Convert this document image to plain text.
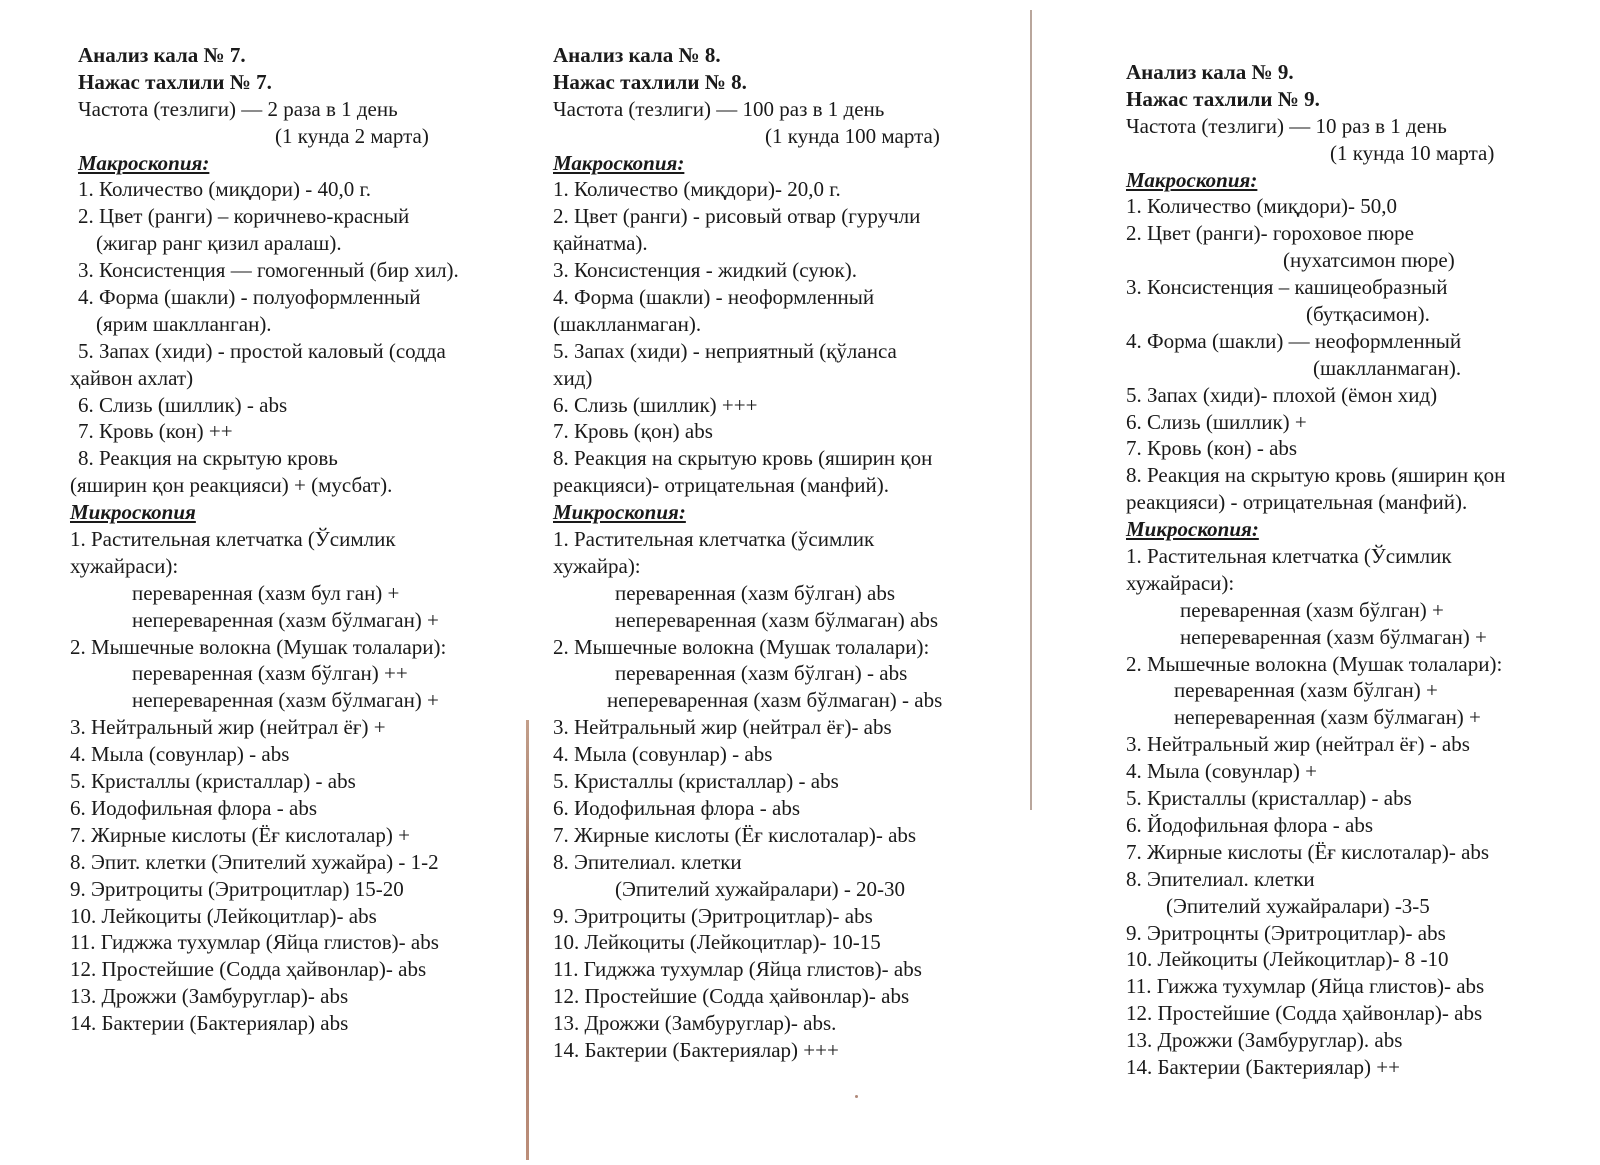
Анализ кала № 7.
Нажас тахлили № 7.
Частота (тезлиги) — 2 раза в 1 день
(1 кунда 2 марта)
Макроскопия:
1. Количество (миқдори) - 40,0 г.
2. Цвет (ранги) – коричнево-красный
(жигар ранг қизил аралаш).
3. Консистенция — гомогенный (бир хил).
4. Форма (шакли) - полуоформленный
(ярим шаклланган).
5. Запах (хиди) - простой каловый (содда
ҳайвон ахлат)
6. Слизь (шиллик) - abs
7. Кровь (кон) ++
8. Реакция на скрытую кровь
(яширин қон реакцияси) + (мусбат).
Микроскопия
1. Растительная клетчатка (Ўсимлик
хужайраси):
переваренная (хазм бул ган) +
непереваренная (хазм бўлмаган) +
2. Мышечные волокна (Мушак толалари):
переваренная (хазм бўлган) ++
непереваренная (хазм бўлмаган) +
3. Нейтральный жир (нейтрал ёғ) +
4. Мыла (совунлар) - abs
5. Кристаллы (кристаллар) - abs
6. Иодофильная флора - abs
7. Жирные кислоты (Ёғ кислоталар) +
8. Эпит. клетки (Эпителий хужайра) - 1-2
9. Эритроциты (Эритроцитлар) 15-20
10. Лейкоциты (Лейкоцитлар)- abs
11. Гиджжа тухумлар (Яйца глистов)- abs
12. Простейшие (Содда ҳайвонлар)- abs
13. Дрожжи (Замбуруглар)- abs
14. Бактерии (Бактериялар) abs
Анализ кала № 8.
Нажас тахлили № 8.
Частота (тезлиги) — 100 раз в 1 день
(1 кунда 100 марта)
Макроскопия:
1. Количество (миқдори)- 20,0 г.
2. Цвет (ранги) - рисовый отвар (гуручли
қайнатма).
3. Консистенция - жидкий (суюк).
4. Форма (шакли) - неоформленный
(шаклланмаган).
5. Запах (хиди) - неприятный (қўланса
хид)
6. Слизь (шиллик) +++
7. Кровь (қон) abs
8. Реакция на скрытую кровь (яширин қон
реакцияси)- отрицательная (манфий).
Микроскопия:
1. Растительная клетчатка (ўсимлик
хужайра):
переваренная (хазм бўлган) abs
непереваренная (хазм бўлмаган) abs
2. Мышечные волокна (Мушак толалари):
переваренная (хазм бўлган) - abs
непереваренная (хазм бўлмаган) - abs
3. Нейтральный жир (нейтрал ёғ)- abs
4. Мыла (совунлар) - abs
5. Кристаллы (кристаллар) - abs
6. Иодофильная флора - abs
7. Жирные кислоты (Ёғ кислоталар)- abs
8. Эпителиал. клетки
(Эпителий хужайралари) - 20-30
9. Эритроциты (Эритроцитлар)- abs
10. Лейкоциты (Лейкоцитлар)- 10-15
11. Гиджжа тухумлар (Яйца глистов)- abs
12. Простейшие (Содда ҳайвонлар)- abs
13. Дрожжи (Замбуруглар)- abs.
14. Бактерии (Бактериялар) +++
Анализ кала № 9.
Нажас тахлили № 9.
Частота (тезлиги) — 10 раз в 1 день
(1 кунда 10 марта)
Макроскопия:
1. Количество (миқдори)- 50,0
2. Цвет (ранги)- гороховое пюре
(нухатсимон пюре)
3. Консистенция – кашицеобразный
(бутқасимон).
4. Форма (шакли) — неоформленный
(шаклланмаган).
5. Запах (хиди)- плохой (ёмон хид)
6. Слизь (шиллик) +
7. Кровь (кон) - abs
8. Реакция на скрытую кровь (яширин қон
реакцияси) - отрицательная (манфий).
Микроскопия:
1. Растительная клетчатка (Ўсимлик
хужайраси):
переваренная (хазм бўлган) +
непереваренная (хазм бўлмаган) +
2. Мышечные волокна (Мушак толалари):
переваренная (хазм бўлган) +
непереваренная (хазм бўлмаган) +
3. Нейтральный жир (нейтрал ёғ) - abs
4. Мыла (совунлар) +
5. Кристаллы (кристаллар) - abs
6. Йодофильная флора - abs
7. Жирные кислоты (Ёғ кислоталар)- abs
8. Эпителиал. клетки
(Эпителий хужайралари) -3-5
9. Эритроцнты (Эритроцитлар)- abs
10. Лейкоциты (Лейкоцитлар)- 8 -10
11. Гижжа тухумлар (Яйца глистов)- abs
12. Простейшие (Содда ҳайвонлар)- abs
13. Дрожжи (Замбуруглар). abs
14. Бактерии (Бактериялар) ++
